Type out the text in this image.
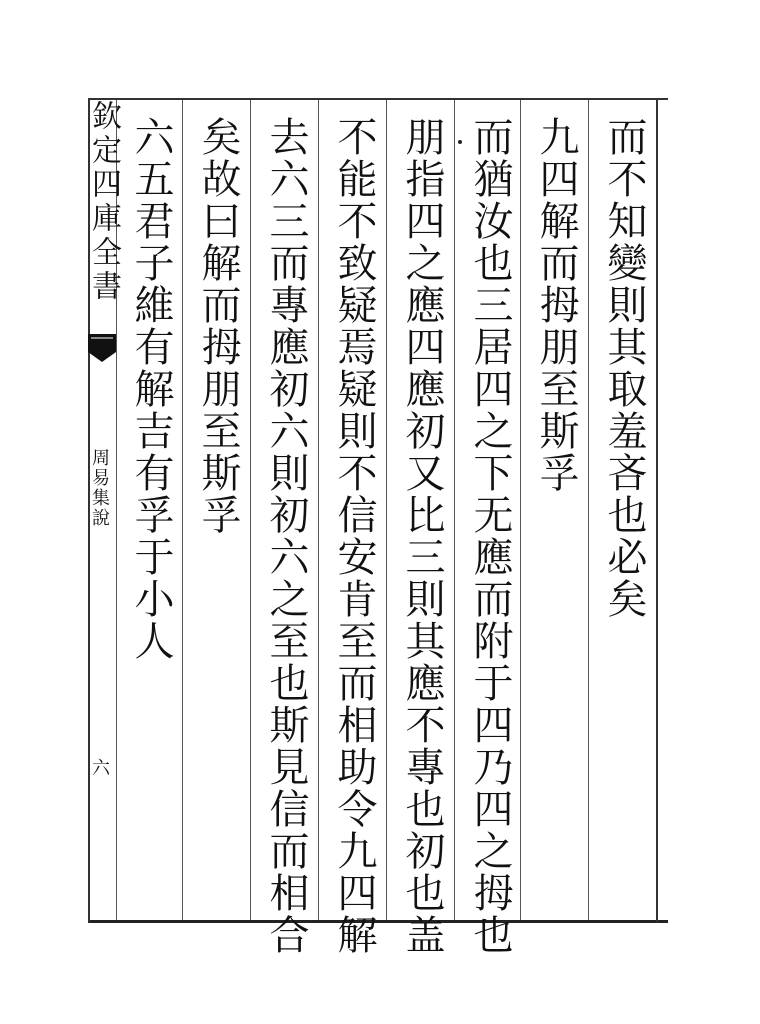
而不知變則其取羞吝也必矣
九四解而拇朋至斯孚
而猶汝也三居四之下无應而附于四乃四之拇也
朋指四之應四應初又比三則其應不專也初也盖
不能不致疑焉疑則不信安肯至而相助令九四解
去六三而專應初六則初六之至也斯見信而相合
矣故曰解而拇朋至斯孚
六五君子維有解吉有孚于小人
欽定四庫全書
周易集說
六
